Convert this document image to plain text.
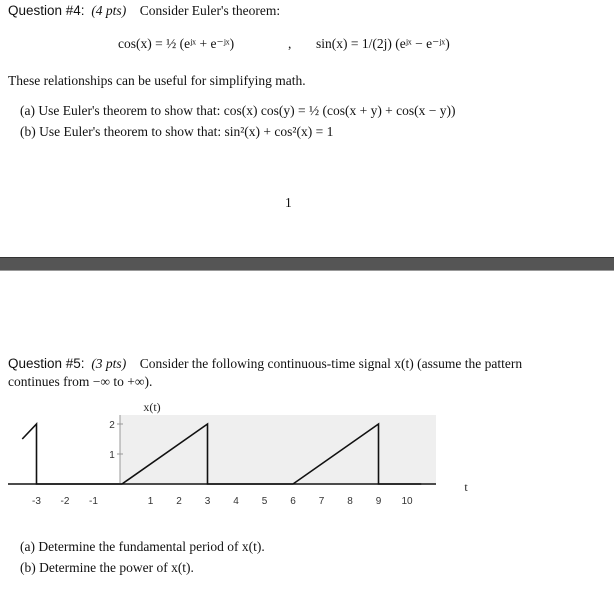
Question #4: (4 pts) Consider Euler's theorem:
cos(x) = ½ (eʲˣ + e⁻ʲˣ)	, sin(x) = 1/(2j) (eʲˣ − e⁻ʲˣ)
These relationships can be useful for simplifying math.
(a) Use Euler's theorem to show that: cos(x) cos(y) = ½ (cos(x + y) + cos(x − y))
(b) Use Euler's theorem to show that: sin²(x) + cos²(x) = 1
1
Question #5: (3 pts) Consider the following continuous-time signal x(t) (assume the pattern
continues from −∞ to +∞).
x(t)
t
-3 -2 -1	1 2 3 4 5 6 7 8 9 10
1
2
(a) Determine the fundamental period of x(t).
(b) Determine the power of x(t).
